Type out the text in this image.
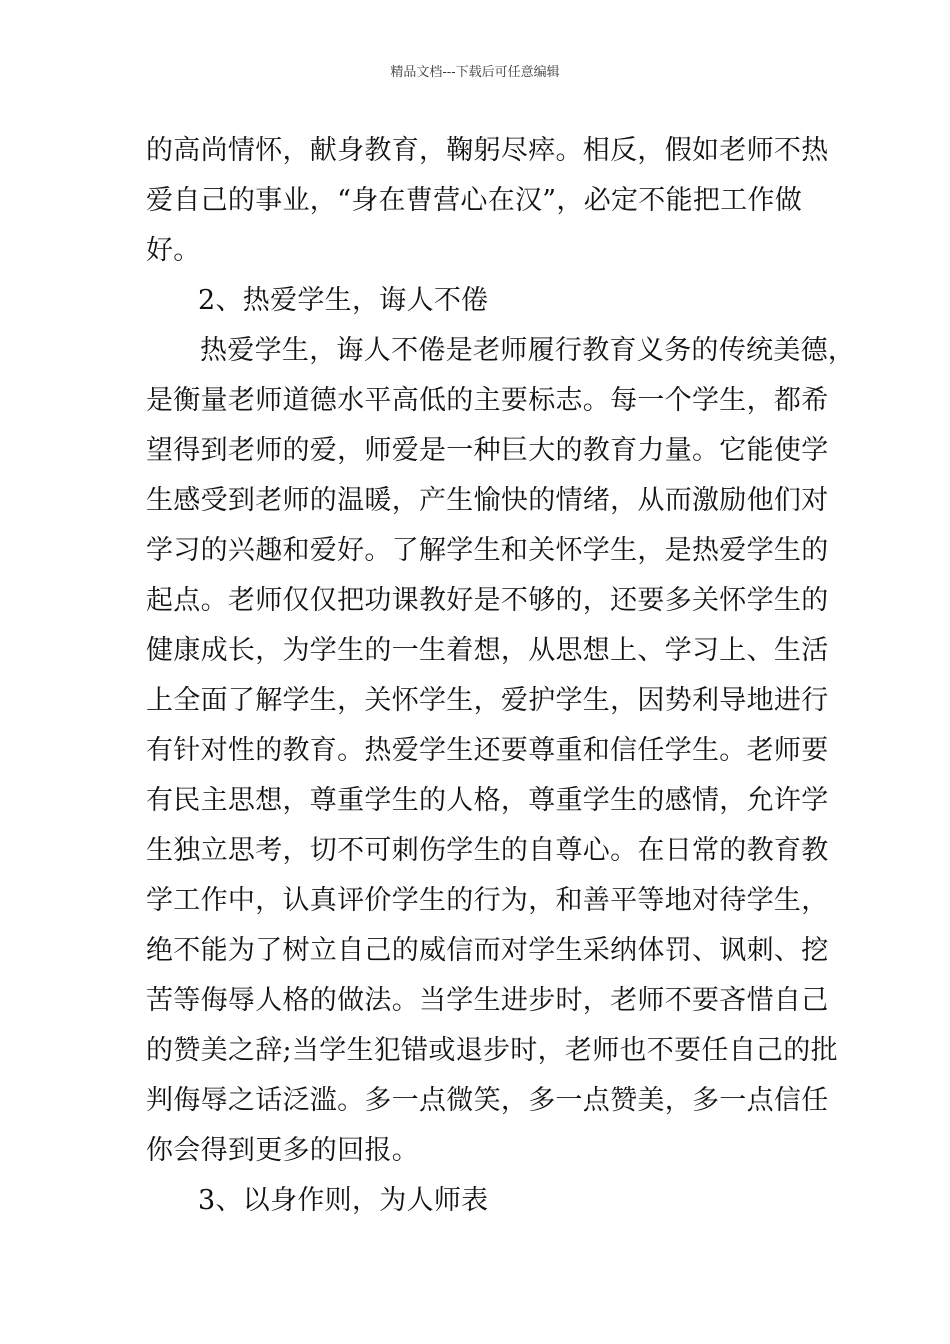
精品文档---下载后可任意编辑
的高尚情怀，献身教育，鞠躬尽瘁。相反，假如老师不热
爱自己的事业，“身在曹营心在汉”，必定不能把工作做
好。
2、热爱学生，诲人不倦
热爱学生，诲人不倦是老师履行教育义务的传统美德，
是衡量老师道德水平高低的主要标志。每一个学生，都希
望得到老师的爱，师爱是一种巨大的教育力量。它能使学
生感受到老师的温暖，产生愉快的情绪，从而激励他们对
学习的兴趣和爱好。了解学生和关怀学生，是热爱学生的
起点。老师仅仅把功课教好是不够的，还要多关怀学生的
健康成长，为学生的一生着想，从思想上、学习上、生活
上全面了解学生，关怀学生，爱护学生，因势利导地进行
有针对性的教育。热爱学生还要尊重和信任学生。老师要
有民主思想，尊重学生的人格，尊重学生的感情，允许学
生独立思考，切不可刺伤学生的自尊心。在日常的教育教
学工作中，认真评价学生的行为，和善平等地对待学生，
绝不能为了树立自己的威信而对学生采纳体罚、讽刺、挖
苦等侮辱人格的做法。当学生进步时，老师不要吝惜自己
的赞美之辞;当学生犯错或退步时，老师也不要任自己的批
判侮辱之话泛滥。多一点微笑，多一点赞美，多一点信任
你会得到更多的回报。
3、以身作则，为人师表
